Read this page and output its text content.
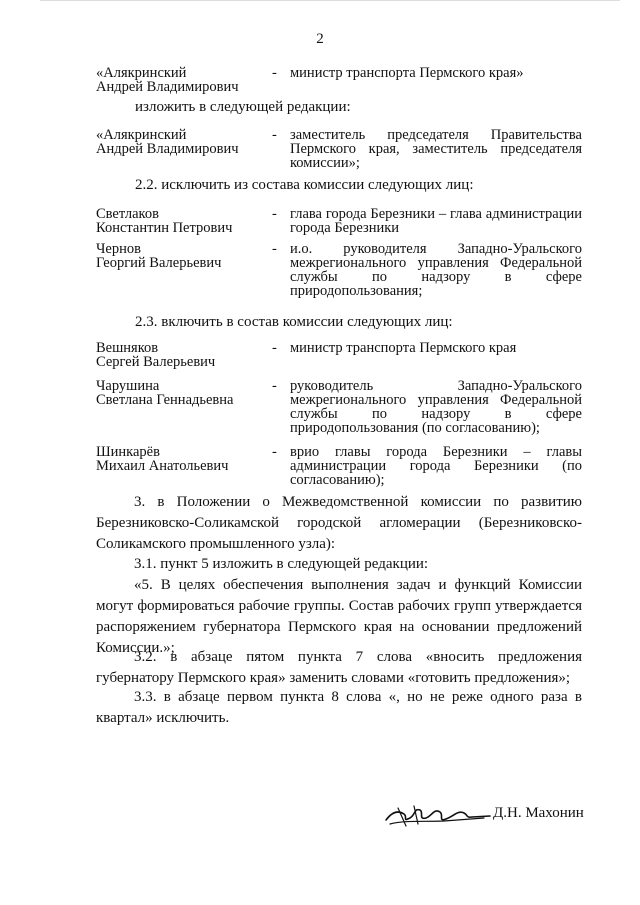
2
«Алякринский
Андрей Владимирович
- министр транспорта Пермского края»
изложить в следующей редакции:
«Алякринский
Андрей Владимирович
- заместитель председателя Правительства Пермского края, заместитель председателя комиссии»;
2.2. исключить из состава комиссии следующих лиц:
Светлаков
Константин Петрович
- глава города Березники – глава администрации города Березники
Чернов
Георгий Валерьевич
- и.о. руководителя Западно-Уральского межрегионального управления Федеральной службы по надзору в сфере природопользования;
2.3. включить в состав комиссии следующих лиц:
Вешняков
Сергей Валерьевич
- министр транспорта Пермского края
Чарушина
Светлана Геннадьевна
- руководитель Западно-Уральского межрегионального управления Федеральной службы по надзору в сфере природопользования (по согласованию);
Шинкарёв
Михаил Анатольевич
- врио главы города Березники – главы администрации города Березники (по согласованию);
3. в Положении о Межведомственной комиссии по развитию Березниковско-Соликамской городской агломерации (Березниковско-Соликамского промышленного узла):
3.1. пункт 5 изложить в следующей редакции:
«5. В целях обеспечения выполнения задач и функций Комиссии могут формироваться рабочие группы. Состав рабочих групп утверждается распоряжением губернатора Пермского края на основании предложений Комиссии.»;
3.2. в абзаце пятом пункта 7 слова «вносить предложения губернатору Пермского края» заменить словами «готовить предложения»;
3.3. в абзаце первом пункта 8 слова «, но не реже одного раза в квартал» исключить.
Д.Н. Махонин
